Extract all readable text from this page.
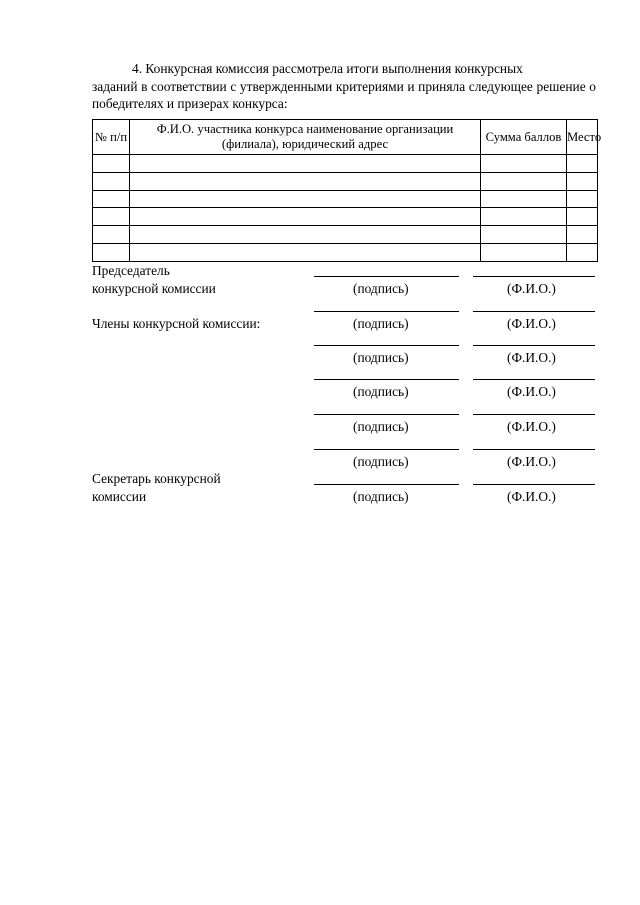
4. Конкурсная комиссия рассмотрела итоги выполнения конкурсных
заданий в соответствии с утвержденными критериями и приняла следующее решение о победителях и призерах конкурса:

№ п/п	Ф.И.О. участника конкурса наименование организации (филиала), юридический адрес	Сумма баллов	Место

Председатель
конкурсной комиссии	(подпись)	(Ф.И.О.)
Члены конкурсной комиссии:	(подпись)	(Ф.И.О.)
(подпись)	(Ф.И.О.)
(подпись)	(Ф.И.О.)
(подпись)	(Ф.И.О.)
(подпись)	(Ф.И.О.)
Секретарь конкурсной
комиссии	(подпись)	(Ф.И.О.)
